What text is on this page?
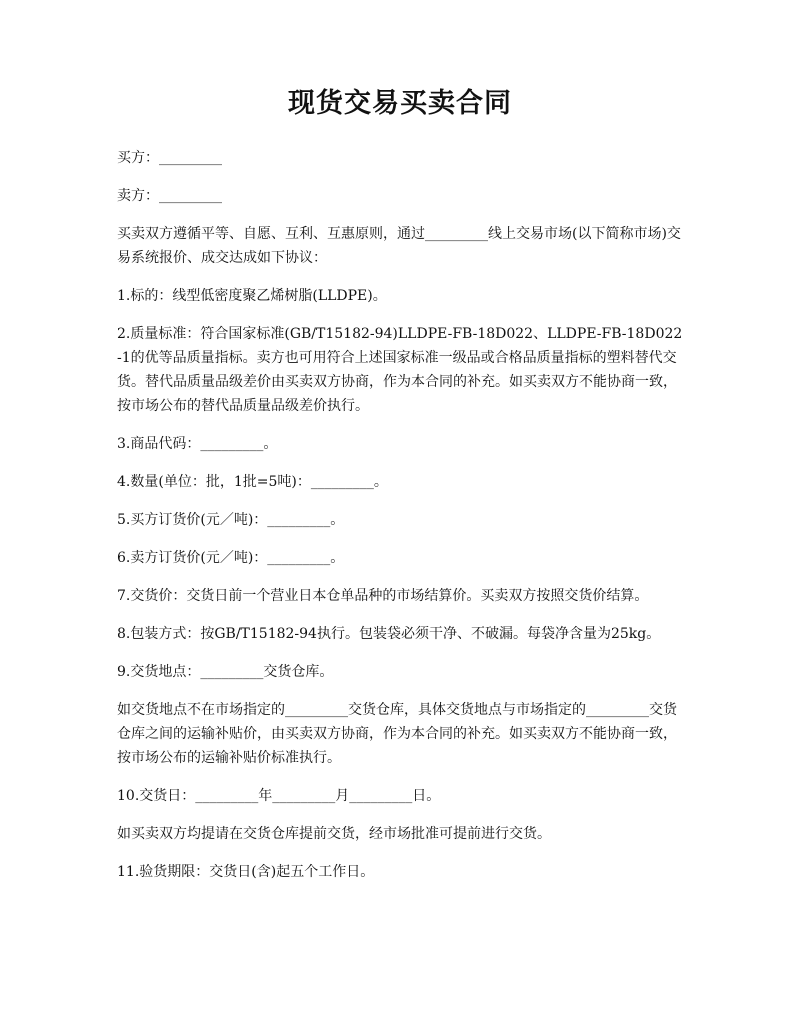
现货交易买卖合同

买方：_________

卖方：_________

买卖双方遵循平等、自愿、互利、互惠原则，通过_________线上交易市场(以下简称市场)交易系统报价、成交达成如下协议：

1.标的：线型低密度聚乙烯树脂(LLDPE)。

2.质量标准：符合国家标准(GB/T15182-94)LLDPE-FB-18D022、LLDPE-FB-18D022-1的优等品质量指标。卖方也可用符合上述国家标准一级品或合格品质量指标的塑料替代交货。替代品质量品级差价由买卖双方协商，作为本合同的补充。如买卖双方不能协商一致，按市场公布的替代品质量品级差价执行。

3.商品代码：_________。

4.数量(单位：批，1批=5吨)：_________。

5.买方订货价(元／吨)：_________。

6.卖方订货价(元／吨)：_________。

7.交货价：交货日前一个营业日本仓单品种的市场结算价。买卖双方按照交货价结算。

8.包装方式：按GB/T15182-94执行。包装袋必须干净、不破漏。每袋净含量为25kg。

9.交货地点：_________交货仓库。

如交货地点不在市场指定的_________交货仓库，具体交货地点与市场指定的_________交货仓库之间的运输补贴价，由买卖双方协商，作为本合同的补充。如买卖双方不能协商一致，按市场公布的运输补贴价标准执行。

10.交货日：_________年_________月_________日。

如买卖双方均提请在交货仓库提前交货，经市场批准可提前进行交货。

11.验货期限：交货日(含)起五个工作日。
